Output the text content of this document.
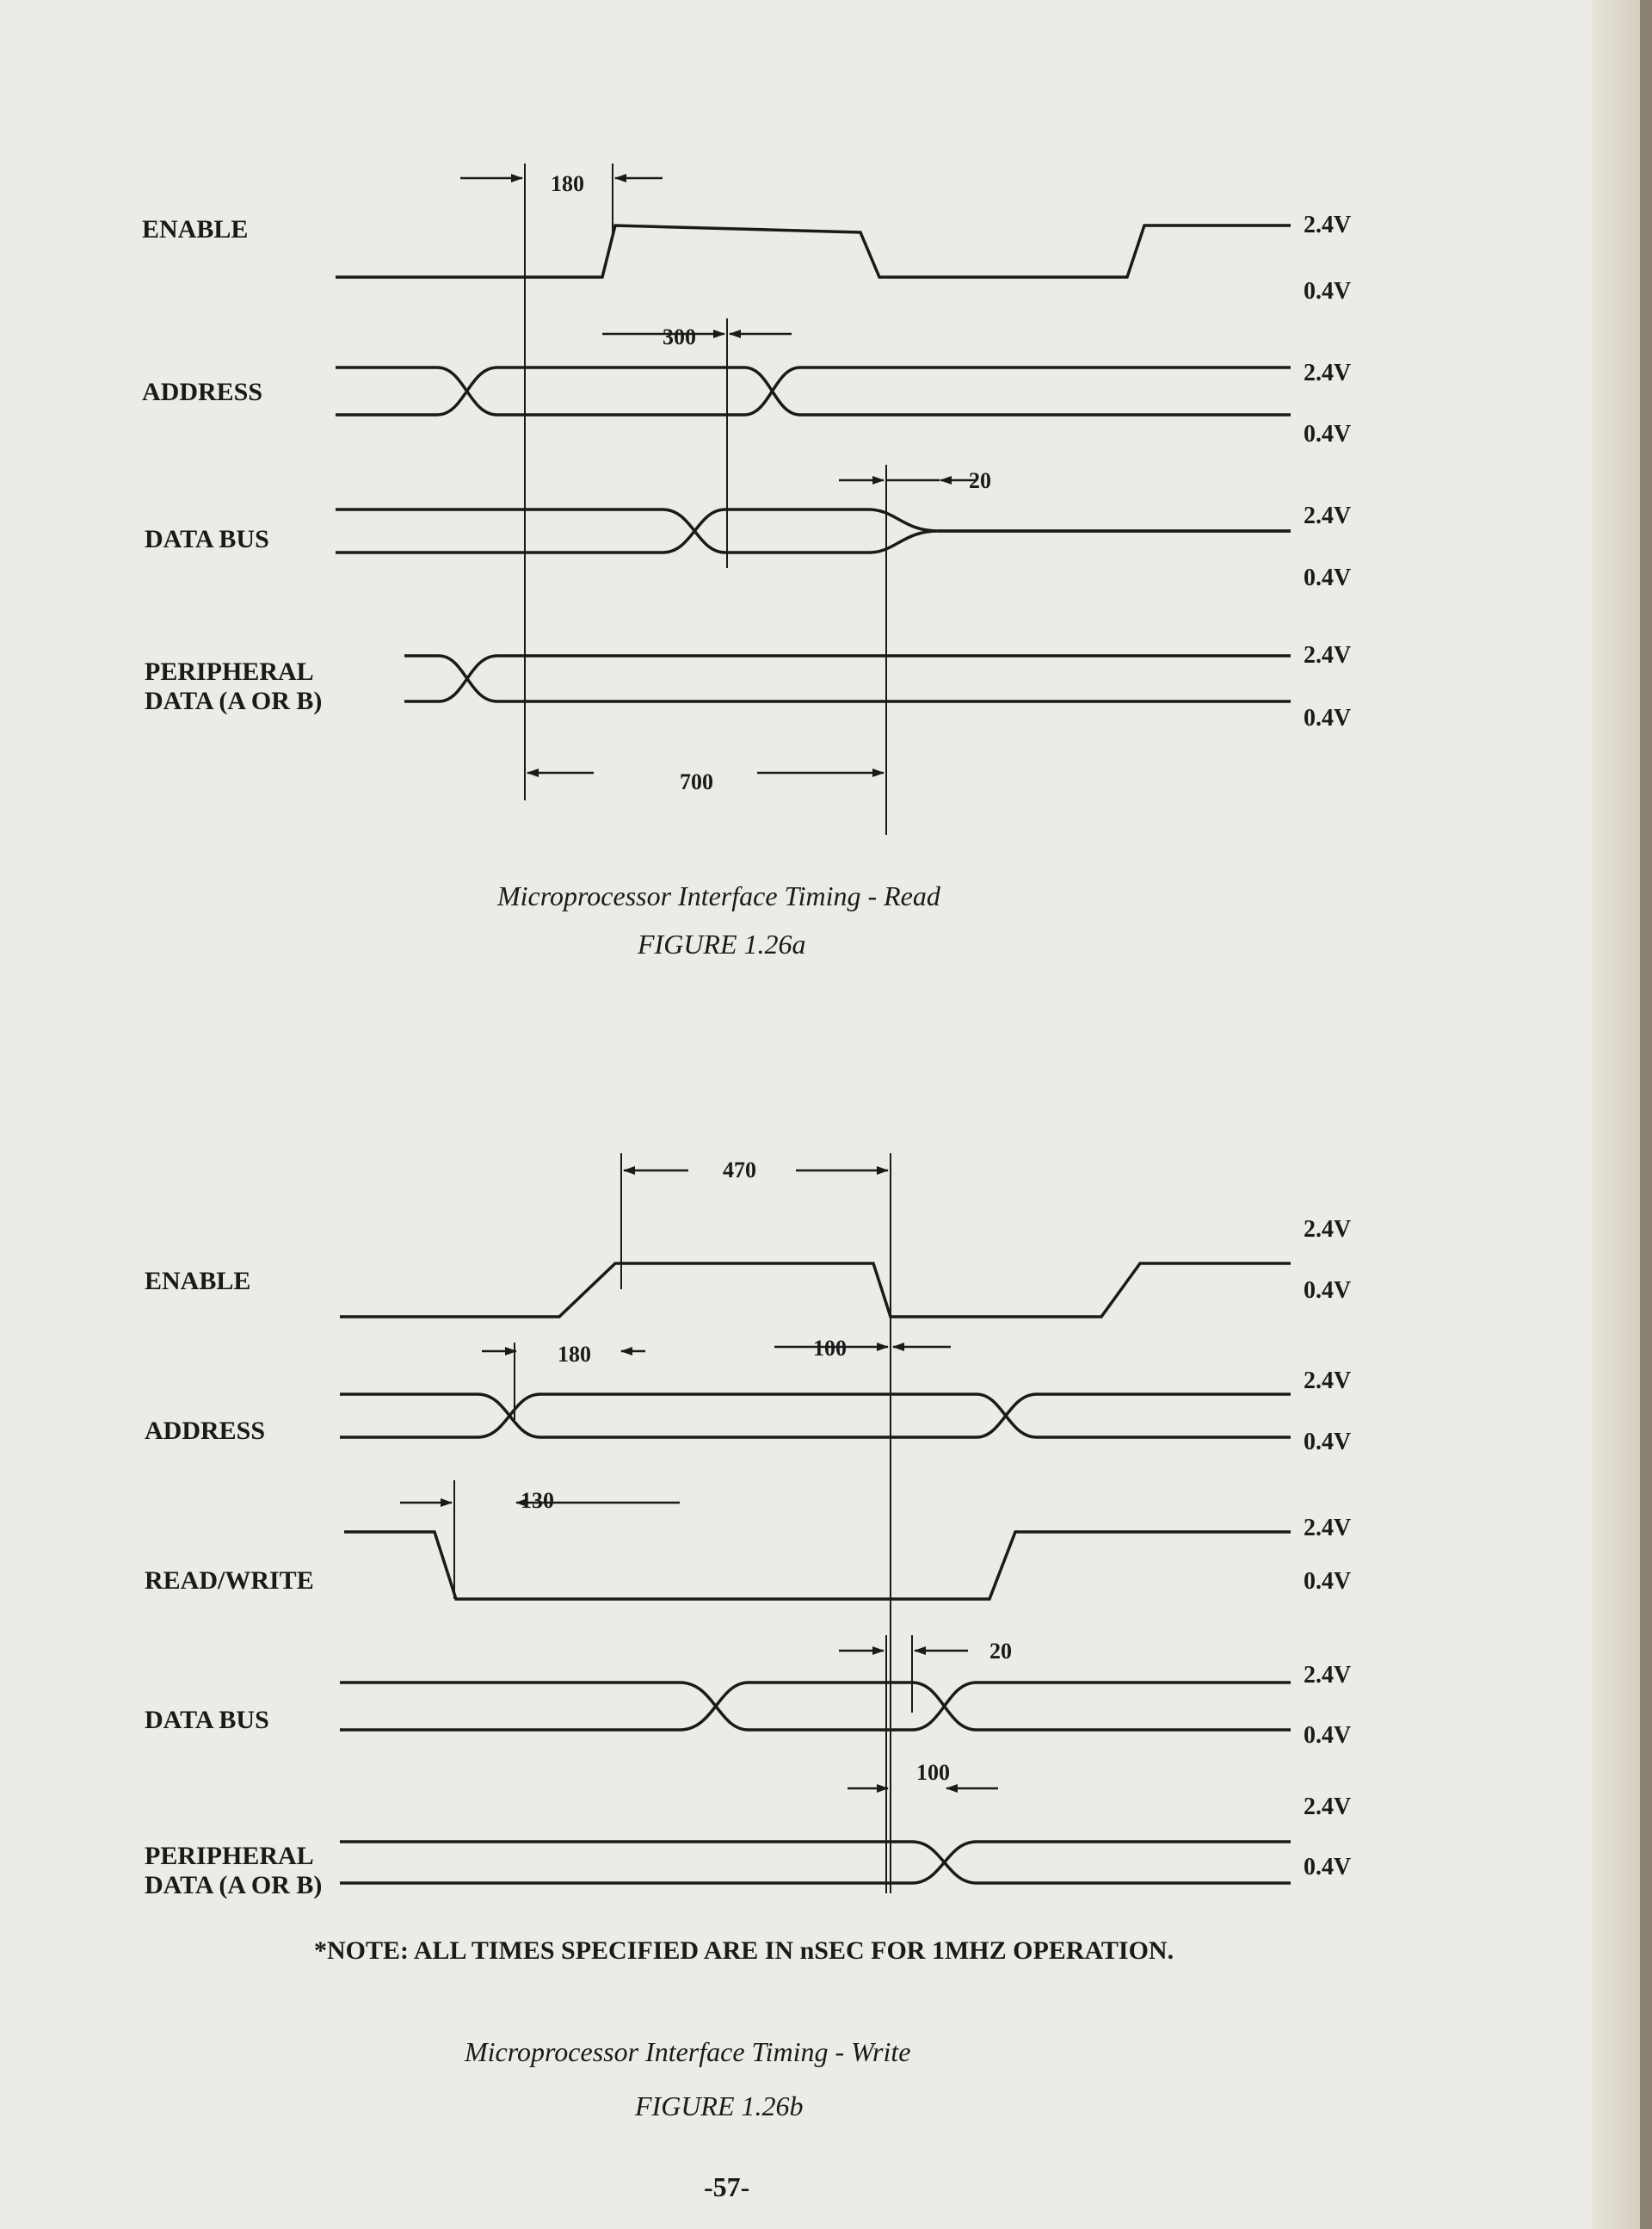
ENABLE
ADDRESS
DATA BUS
PERIPHERAL
DATA (A OR B)
2.4V
0.4V
2.4V
0.4V
2.4V
0.4V
2.4V
0.4V
180
300
20
700
Microprocessor Interface Timing - Read
FIGURE 1.26a
ENABLE
ADDRESS
READ/WRITE
DATA BUS
PERIPHERAL
DATA (A OR B)
2.4V
0.4V
2.4V
0.4V
2.4V
0.4V
2.4V
0.4V
2.4V
0.4V
470
180	100
130
20
100
*NOTE: ALL TIMES SPECIFIED ARE IN nSEC FOR 1MHZ OPERATION.
Microprocessor Interface Timing - Write
FIGURE 1.26b
-57-
